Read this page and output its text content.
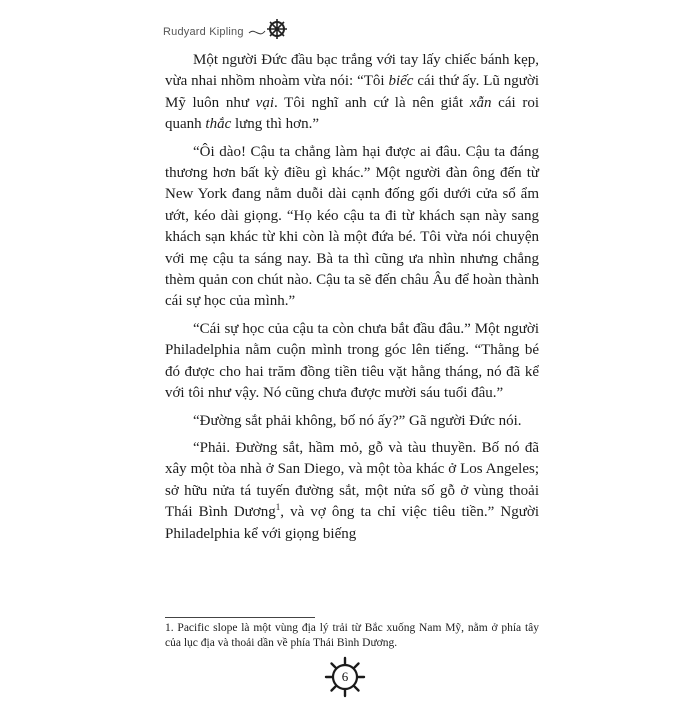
Rudyard Kipling

Một người Đức đầu bạc trắng với tay lấy chiếc bánh kẹp, vừa nhai nhồm nhoàm vừa nói: “Tôi biếc cái thứ ấy. Lũ người Mỹ luôn như vại. Tôi nghĩ anh cứ là nên giắt xẫn cái roi quanh thắc lưng thì hơn.”

“Ôi dào! Cậu ta chẳng làm hại được ai đâu. Cậu ta đáng thương hơn bất kỳ điều gì khác.” Một người đàn ông đến từ New York đang nằm duỗi dài cạnh đống gối dưới cửa sổ ẩm ướt, kéo dài giọng. “Họ kéo cậu ta đi từ khách sạn này sang khách sạn khác từ khi còn là một đứa bé. Tôi vừa nói chuyện với mẹ cậu ta sáng nay. Bà ta thì cũng ưa nhìn nhưng chẳng thèm quản con chút nào. Cậu ta sẽ đến châu Âu để hoàn thành cái sự học của mình.”

“Cái sự học của cậu ta còn chưa bắt đầu đâu.” Một người Philadelphia nằm cuộn mình trong góc lên tiếng. “Thằng bé đó được cho hai trăm đồng tiền tiêu vặt hằng tháng, nó đã kể với tôi như vậy. Nó cũng chưa được mười sáu tuổi đâu.”

“Đường sắt phải không, bố nó ấy?” Gã người Đức nói.

“Phải. Đường sắt, hầm mỏ, gỗ và tàu thuyền. Bố nó đã xây một tòa nhà ở San Diego, và một tòa khác ở Los Angeles; sở hữu nửa tá tuyến đường sắt, một nửa số gỗ ở vùng thoải Thái Bình Dương$^1$, và vợ ông ta chỉ việc tiêu tiền.” Người Philadelphia kể với giọng biếng

1. Pacific slope là một vùng địa lý trải từ Bắc xuống Nam Mỹ, nằm ở phía tây của lục địa và thoải dần về phía Thái Bình Dương.
6
